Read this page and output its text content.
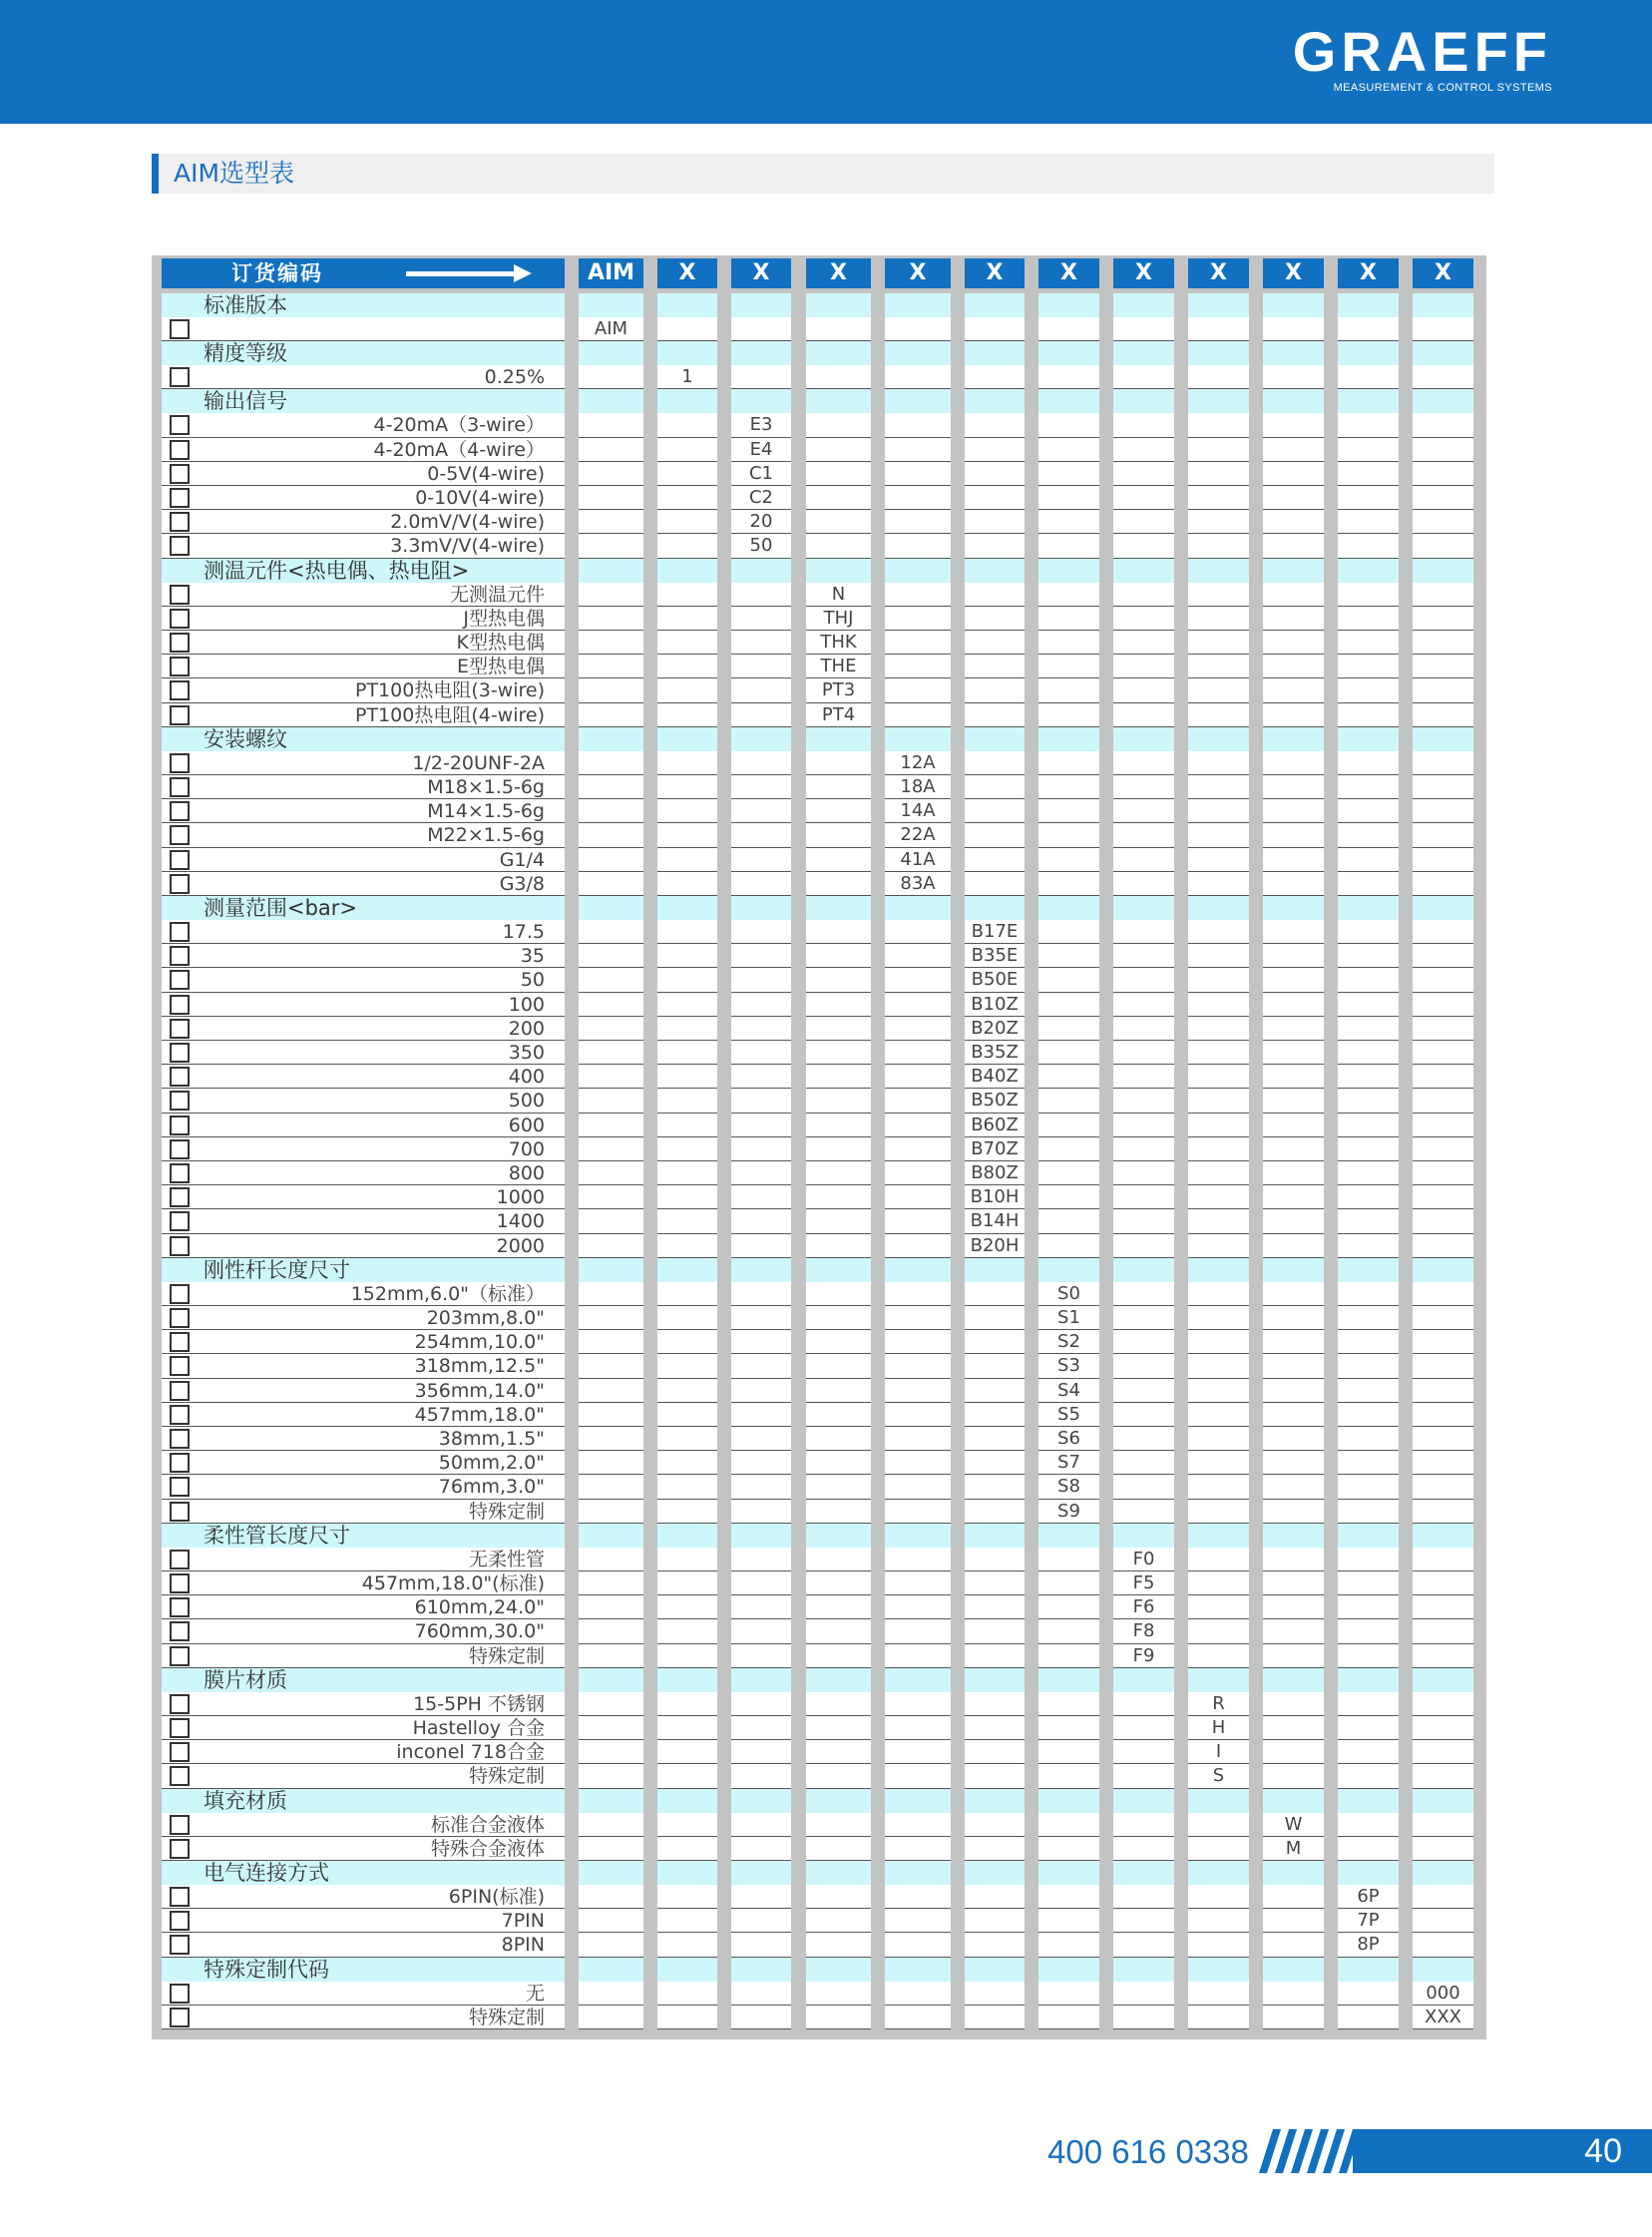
GRAEFF
MEASUREMENT & CONTROL SYSTEMS
AIM选型表
订货编码	AIM	X	X	X	X	X	X	X	X	X	X	X
标准版本
AIM
精度等级
0.25%	1
输出信号
4-20mA（3-wire）	E3
4-20mA（4-wire）	E4
0-5V(4-wire)	C1
0-10V(4-wire)	C2
2.0mV/V(4-wire)	20
3.3mV/V(4-wire)	50
测温元件<热电偶、热电阻>
无测温元件	N
J型热电偶	THJ
K型热电偶	THK
E型热电偶	THE
PT100热电阻(3-wire)	PT3
PT100热电阻(4-wire)	PT4
安装螺纹
1/2-20UNF-2A	12A
M18×1.5-6g	18A
M14×1.5-6g	14A
M22×1.5-6g	22A
G1/4	41A
G3/8	83A
测量范围<bar>
17.5	B17E
35	B35E
50	B50E
100	B10Z
200	B20Z
350	B35Z
400	B40Z
500	B50Z
600	B60Z
700	B70Z
800	B80Z
1000	B10H
1400	B14H
2000	B20H
刚性杆长度尺寸
152mm,6.0"（标准）	S0
203mm,8.0"	S1
254mm,10.0"	S2
318mm,12.5"	S3
356mm,14.0"	S4
457mm,18.0"	S5
38mm,1.5"	S6
50mm,2.0"	S7
76mm,3.0"	S8
特殊定制	S9
柔性管长度尺寸
无柔性管	F0
457mm,18.0"(标准)	F5
610mm,24.0"	F6
760mm,30.0"	F8
特殊定制	F9
膜片材质
15-5PH 不锈钢	R
Hastelloy 合金	H
inconel 718合金	I
特殊定制	S
填充材质
标准合金液体	W
特殊合金液体	M
电气连接方式
6PIN(标准)	6P
7PIN	7P
8PIN	8P
特殊定制代码
无	000
特殊定制	XXX
400 616 0338	40
